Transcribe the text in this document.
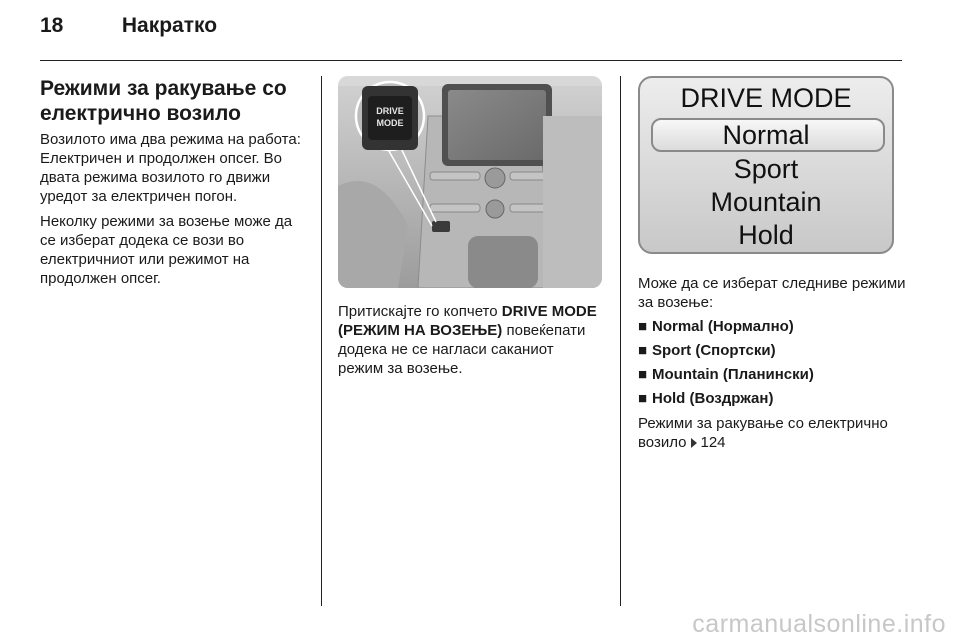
18	Накратко
Режими за ракување со електрично возило

Возилото има два режима на работа: Електричен и продолжен опсег. Во двата режима возилото го движи уредот за електричен погон.

Неколку режими за возење може да се изберат додека се вози во електричниот или режимот на продолжен опсег.

DRIVE
MODE

Притискајте го копчето DRIVE MODE (РЕЖИМ НА ВОЗЕЊЕ) повеќепати додека не се нагласи саканиот режим за возење.

DRIVE MODE
Normal
Sport
Mountain
Hold

Може да се изберат следниве режими за возење:

■ Normal (Нормално)
■ Sport (Спортски)
■ Mountain (Планински)
■ Hold (Воздржан)

Режими за ракување со електрично возило 124

carmanualsonline.info
